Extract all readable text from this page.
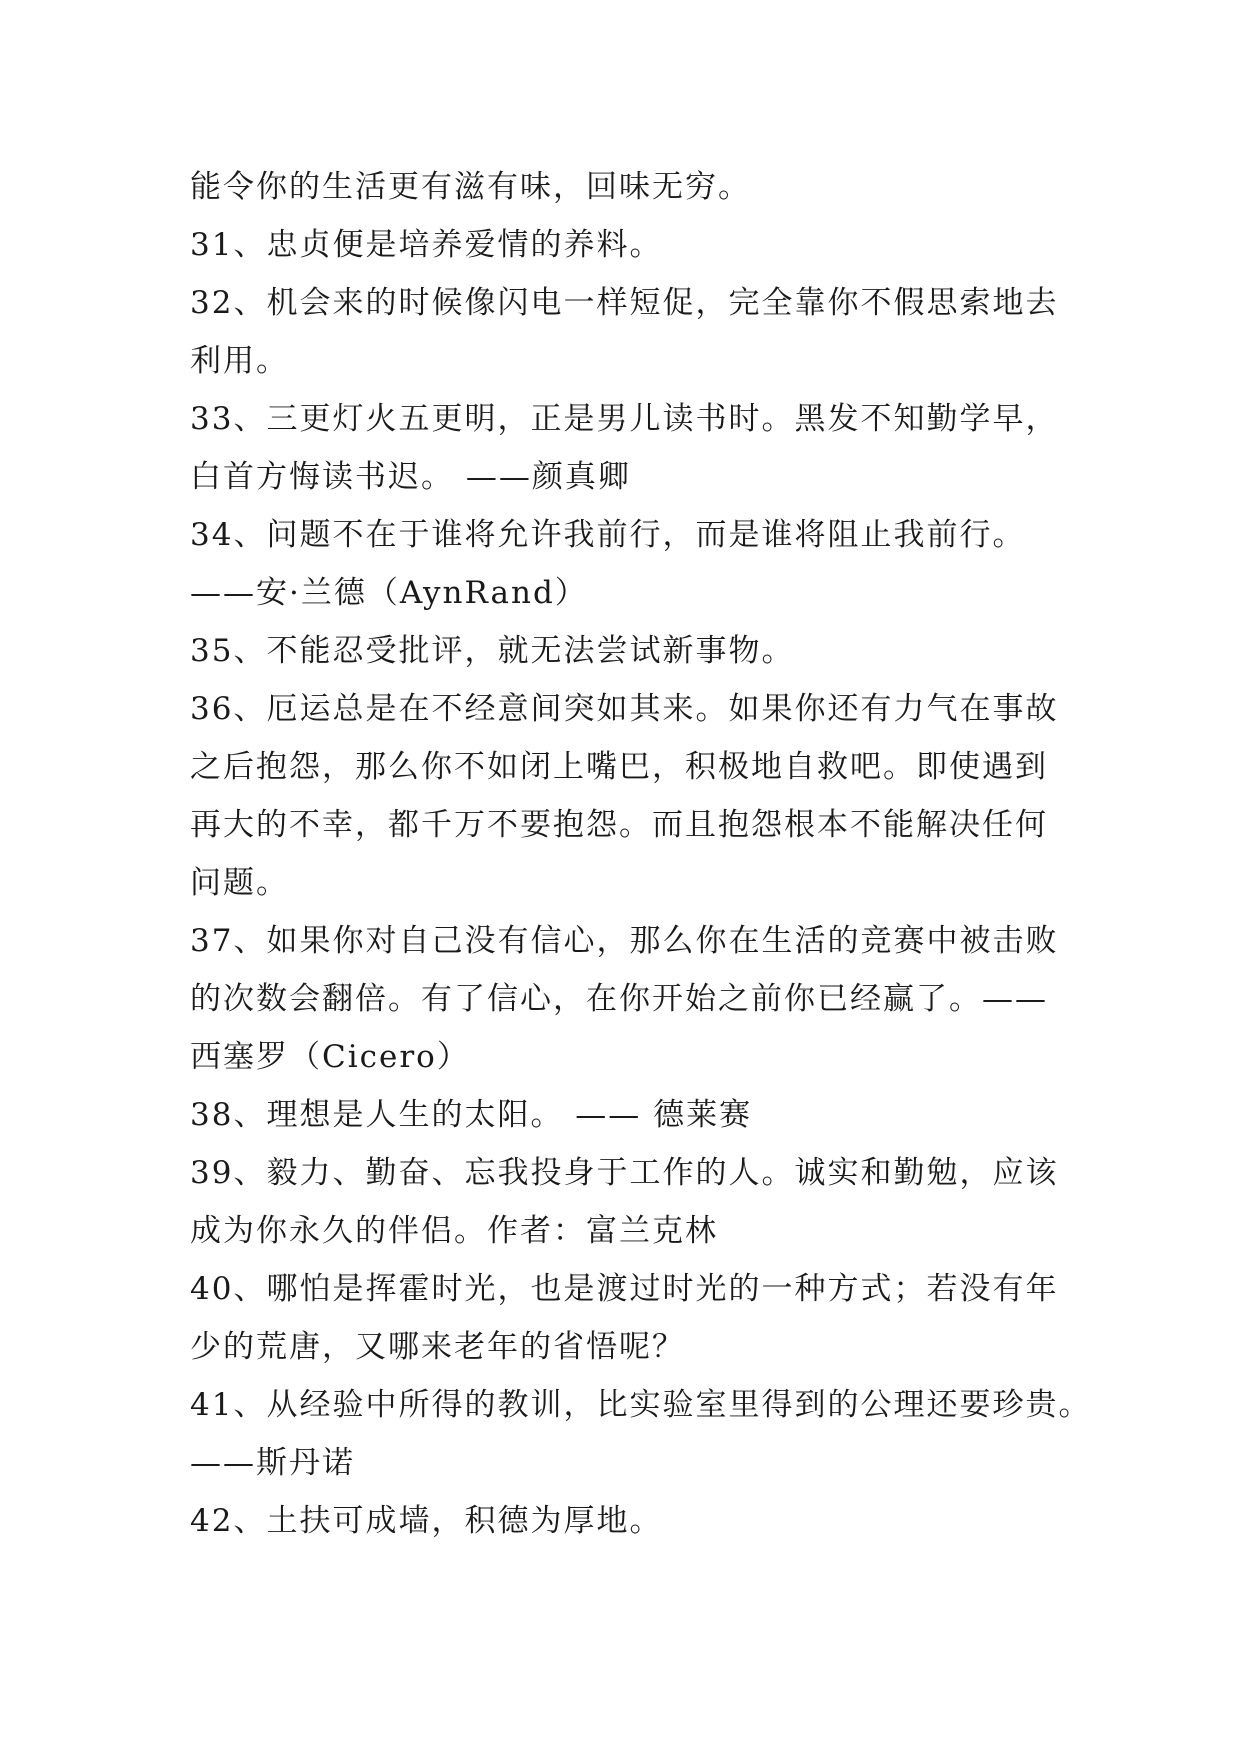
能令你的生活更有滋有味，回味无穷。
31、忠贞便是培养爱情的养料。
32、机会来的时候像闪电一样短促，完全靠你不假思索地去
利用。
33、三更灯火五更明，正是男儿读书时。黑发不知勤学早，
白首方悔读书迟。 ——颜真卿
34、问题不在于谁将允许我前行，而是谁将阻止我前行。
——安·兰德（AynRand）
35、不能忍受批评，就无法尝试新事物。
36、厄运总是在不经意间突如其来。如果你还有力气在事故
之后抱怨，那么你不如闭上嘴巴，积极地自救吧。即使遇到
再大的不幸，都千万不要抱怨。而且抱怨根本不能解决任何
问题。
37、如果你对自己没有信心，那么你在生活的竞赛中被击败
的次数会翻倍。有了信心，在你开始之前你已经赢了。——
西塞罗（Cicero）
38、理想是人生的太阳。 —— 德莱赛
39、毅力、勤奋、忘我投身于工作的人。诚实和勤勉，应该
成为你永久的伴侣。作者：富兰克林
40、哪怕是挥霍时光，也是渡过时光的一种方式；若没有年
少的荒唐，又哪来老年的省悟呢？
41、从经验中所得的教训，比实验室里得到的公理还要珍贵。
——斯丹诺
42、土扶可成墙，积德为厚地。
